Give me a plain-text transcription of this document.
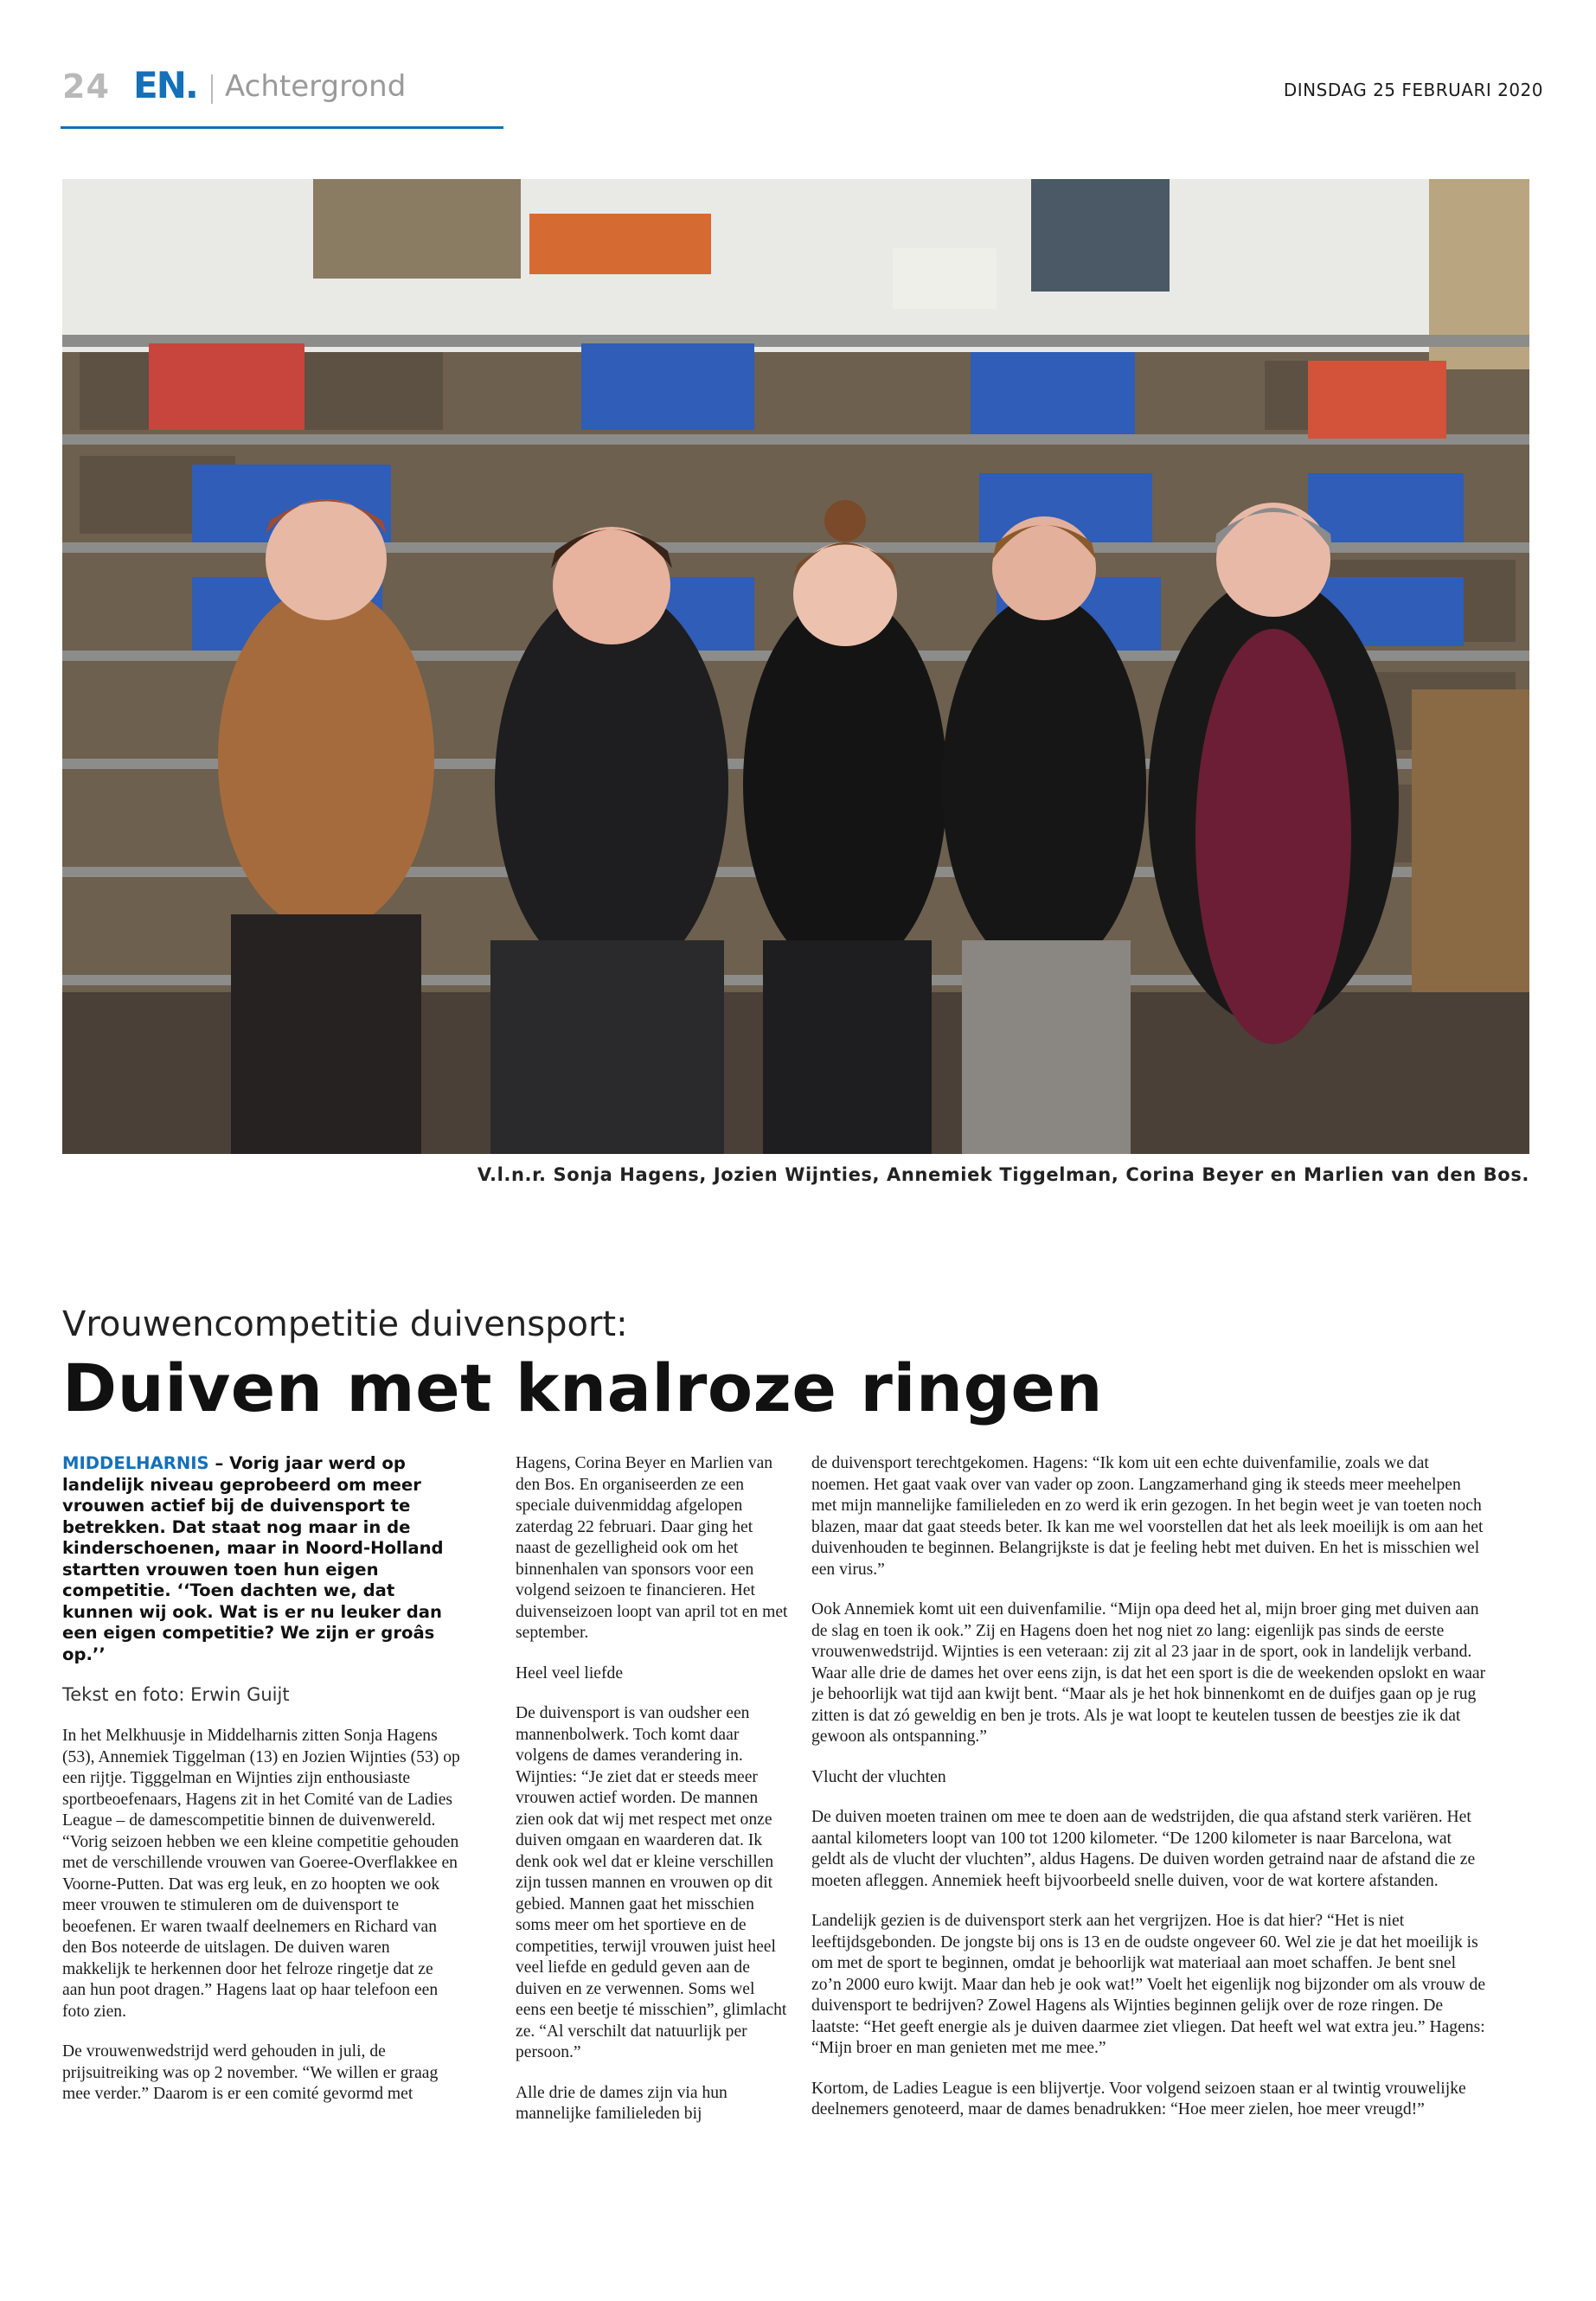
24 EN. Achtergrond	DINSDAG 25 FEBRUARI 2020
V.l.n.r. Sonja Hagens, Jozien Wijnties, Annemiek Tiggelman, Corina Beyer en Marlien van den Bos.
Vrouwencompetitie duivensport:
Duiven met knalroze ringen

MIDDELHARNIS – Vorig jaar werd op landelijk niveau geprobeerd om meer vrouwen actief bij de duivensport te betrekken. Dat staat nog maar in de kinderschoenen, maar in Noord-Holland startten vrouwen toen hun eigen competitie. ‘‘Toen dachten we, dat kunnen wij ook. Wat is er nu leuker dan een eigen competitie? We zijn er groâs op.’’

Tekst en foto: Erwin Guijt

In het Melkhuusje in Middelharnis zitten Sonja Hagens (53), Annemiek Tiggelman (13) en Jozien Wijnties (53) op een rijtje. Tigggelman en Wijnties zijn enthousiaste sportbeoefenaars, Hagens zit in het Comité van de Ladies League – de damescompetitie binnen de duivenwereld. “Vorig seizoen hebben we een kleine competitie gehouden met de verschillende vrouwen van Goeree-Overflakkee en Voorne-Putten. Dat was erg leuk, en zo hoopten we ook meer vrouwen te stimuleren om de duivensport te beoefenen. Er waren twaalf deelnemers en Richard van den Bos noteerde de uitslagen. De duiven waren makkelijk te herkennen door het felroze ringetje dat ze aan hun poot dragen.” Hagens laat op haar telefoon een foto zien.

De vrouwenwedstrijd werd gehouden in juli, de prijsuitreiking was op 2 november. “We willen er graag mee verder.” Daarom is er een comité gevormd met

Hagens, Corina Beyer en Marlien van den Bos. En organiseerden ze een speciale duivenmiddag afgelopen zaterdag 22 februari. Daar ging het naast de gezelligheid ook om het binnenhalen van sponsors voor een volgend seizoen te financieren. Het duivenseizoen loopt van april tot en met september.

Heel veel liefde

De duivensport is van oudsher een mannenbolwerk. Toch komt daar volgens de dames verandering in. Wijnties: “Je ziet dat er steeds meer vrouwen actief worden. De mannen zien ook dat wij met respect met onze duiven omgaan en waarderen dat. Ik denk ook wel dat er kleine verschillen zijn tussen mannen en vrouwen op dit gebied. Mannen gaat het misschien soms meer om het sportieve en de competities, terwijl vrouwen juist heel veel liefde en geduld geven aan de duiven en ze verwennen. Soms wel eens een beetje té misschien”, glimlacht ze. “Al verschilt dat natuurlijk per persoon.”

Alle drie de dames zijn via hun mannelijke familieleden bij

de duivensport terechtgekomen. Hagens: “Ik kom uit een echte duivenfamilie, zoals we dat noemen. Het gaat vaak over van vader op zoon. Langzamerhand ging ik steeds meer meehelpen met mijn mannelijke familieleden en zo werd ik erin gezogen. In het begin weet je van toeten noch blazen, maar dat gaat steeds beter. Ik kan me wel voorstellen dat het als leek moeilijk is om aan het duivenhouden te beginnen. Belangrijkste is dat je feeling hebt met duiven. En het is misschien wel een virus.”

Ook Annemiek komt uit een duivenfamilie. “Mijn opa deed het al, mijn broer ging met duiven aan de slag en toen ik ook.” Zij en Hagens doen het nog niet zo lang: eigenlijk pas sinds de eerste vrouwenwedstrijd. Wijnties is een veteraan: zij zit al 23 jaar in de sport, ook in landelijk verband. Waar alle drie de dames het over eens zijn, is dat het een sport is die de weekenden opslokt en waar je behoorlijk wat tijd aan kwijt bent. “Maar als je het hok binnenkomt en de duifjes gaan op je rug zitten is dat zó geweldig en ben je trots. Als je wat loopt te keutelen tussen de beestjes zie ik dat gewoon als ontspanning.”

Vlucht der vluchten

De duiven moeten trainen om mee te doen aan de wedstrijden, die qua afstand sterk variëren. Het aantal kilometers loopt van 100 tot 1200 kilometer. “De 1200 kilometer is naar Barcelona, wat geldt als de vlucht der vluchten”, aldus Hagens. De duiven worden getraind naar de afstand die ze moeten afleggen. Annemiek heeft bijvoorbeeld snelle duiven, voor de wat kortere afstanden.

Landelijk gezien is de duivensport sterk aan het vergrijzen. Hoe is dat hier? “Het is niet leeftijdsgebonden. De jongste bij ons is 13 en de oudste ongeveer 60. Wel zie je dat het moeilijk is om met de sport te beginnen, omdat je behoorlijk wat materiaal aan moet schaffen. Je bent snel zo’n 2000 euro kwijt. Maar dan heb je ook wat!” Voelt het eigenlijk nog bijzonder om als vrouw de duivensport te bedrijven? Zowel Hagens als Wijnties beginnen gelijk over de roze ringen. De laatste: “Het geeft energie als je duiven daarmee ziet vliegen. Dat heeft wel wat extra jeu.” Hagens: “Mijn broer en man genieten met me mee.”

Kortom, de Ladies League is een blijvertje. Voor volgend seizoen staan er al twintig vrouwelijke deelnemers genoteerd, maar de dames benadrukken: “Hoe meer zielen, hoe meer vreugd!”
